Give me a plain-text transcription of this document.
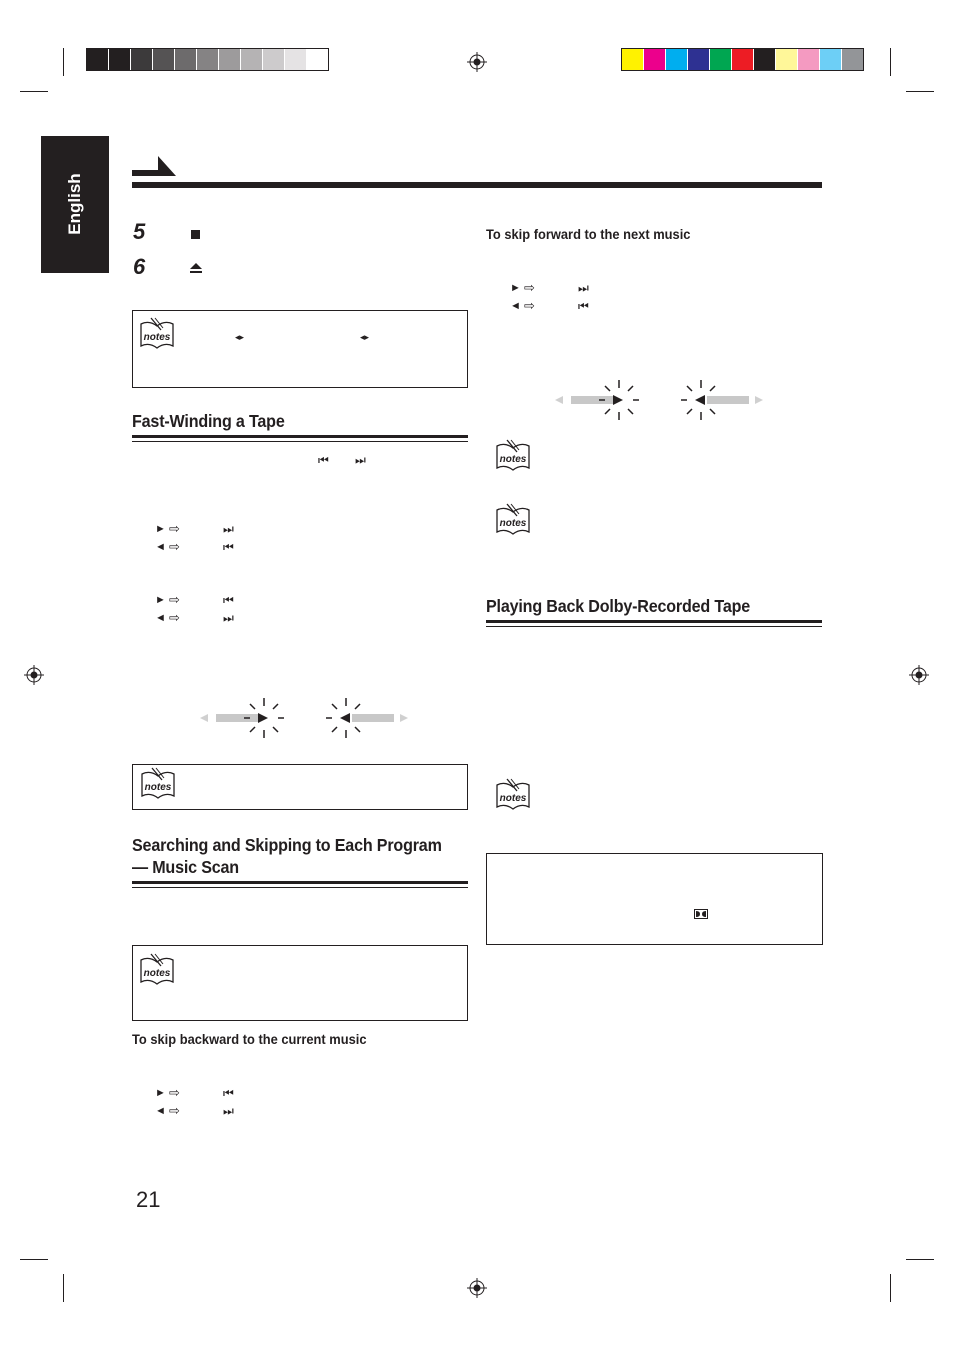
English 5
6
notes	◂▸	◂▸
Fast-Winding a Tape
⏮ ⏭
► ⇨	⏭
◄ ⇨	⏮
► ⇨	⏮
◄ ⇨	⏭
notes
Searching and Skipping to Each Program
— Music Scan
notes
To skip backward to the current music
► ⇨	⏮
◄ ⇨	⏭
21
To skip forward to the next music
► ⇨	⏭
◄ ⇨	⏮
notes
notes
Playing Back Dolby-Recorded Tape
notes
